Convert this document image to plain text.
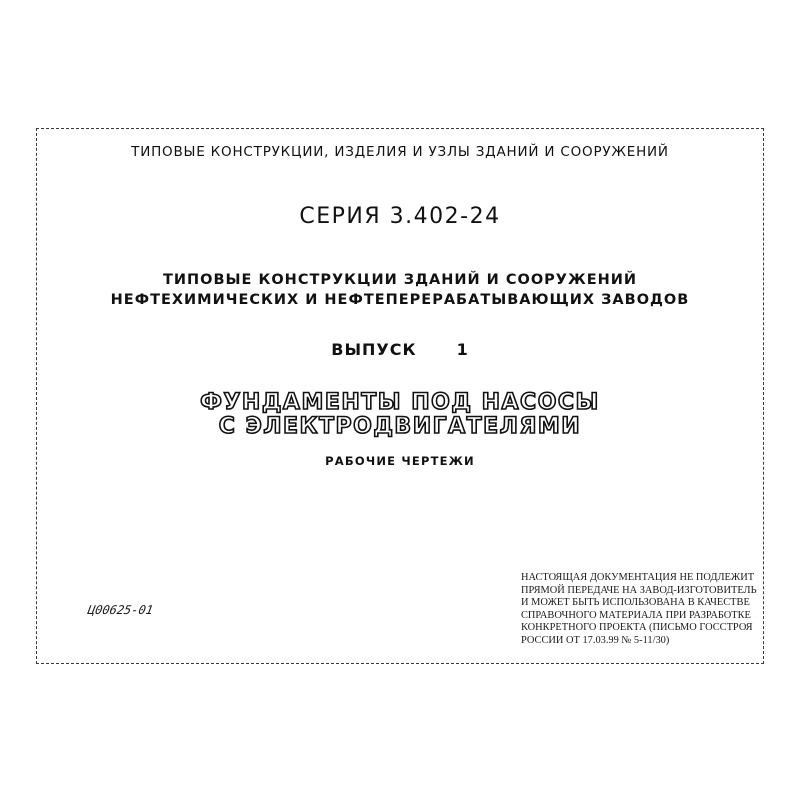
ТИПОВЫЕ КОНСТРУКЦИИ, ИЗДЕЛИЯ И УЗЛЫ ЗДАНИЙ И СООРУЖЕНИЙ
СЕРИЯ 3.402-24
ТИПОВЫЕ КОНСТРУКЦИИ ЗДАНИЙ И СООРУЖЕНИЙ
НЕФТЕХИМИЧЕСКИХ И НЕФТЕПЕРЕРАБАТЫВАЮЩИХ ЗАВОДОВ
ВЫПУСК	1
ФУНДАМЕНТЫ ПОД НАСОСЫ
С ЭЛЕКТРОДВИГАТЕЛЯМИ
РАБОЧИЕ ЧЕРТЕЖИ
Ц00625-01
НАСТОЯЩАЯ ДОКУМЕНТАЦИЯ НЕ ПОДЛЕЖИТ
ПРЯМОЙ ПЕРЕДАЧЕ НА ЗАВОД-ИЗГОТОВИТЕЛЬ
И МОЖЕТ БЫТЬ ИСПОЛЬЗОВАНА В КАЧЕСТВЕ
СПРАВОЧНОГО МАТЕРИАЛА ПРИ РАЗРАБОТКЕ
КОНКРЕТНОГО ПРОЕКТА (ПИСЬМО ГОССТРОЯ
РОССИИ ОТ 17.03.99 № 5-11/30)
